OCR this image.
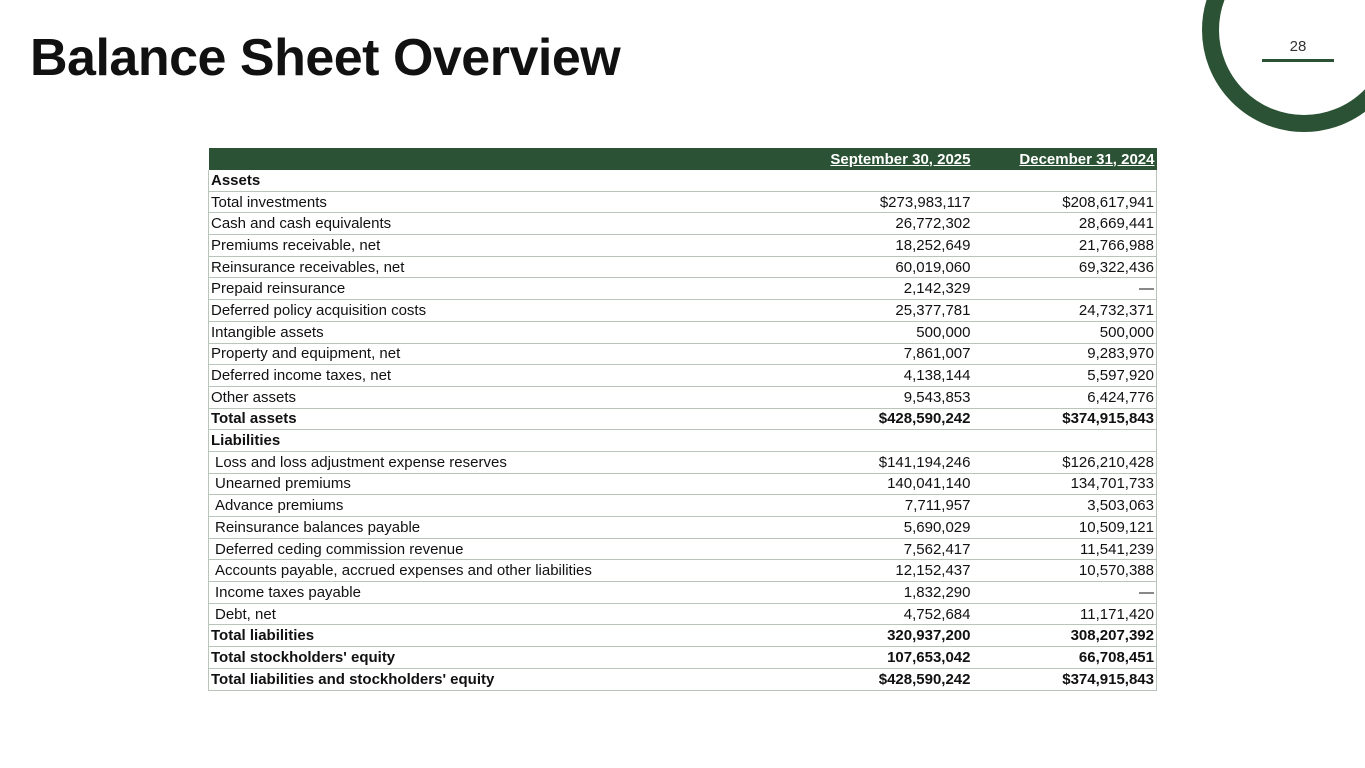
Balance Sheet Overview	28
	September 30, 2025	December 31, 2024
Assets		
Total investments	$273,983,117	$208,617,941
Cash and cash equivalents	26,772,302	28,669,441
Premiums receivable, net	18,252,649	21,766,988
Reinsurance receivables, net	60,019,060	69,322,436
Prepaid reinsurance	2,142,329	—
Deferred policy acquisition costs	25,377,781	24,732,371
Intangible assets	500,000	500,000
Property and equipment, net	7,861,007	9,283,970
Deferred income taxes, net	4,138,144	5,597,920
Other assets	9,543,853	6,424,776
Total assets	$428,590,242	$374,915,843
Liabilities		
Loss and loss adjustment expense reserves	$141,194,246	$126,210,428
Unearned premiums	140,041,140	134,701,733
Advance premiums	7,711,957	3,503,063
Reinsurance balances payable	5,690,029	10,509,121
Deferred ceding commission revenue	7,562,417	11,541,239
Accounts payable, accrued expenses and other liabilities	12,152,437	10,570,388
Income taxes payable	1,832,290	—
Debt, net	4,752,684	11,171,420
Total liabilities	320,937,200	308,207,392
Total stockholders' equity	107,653,042	66,708,451
Total liabilities and stockholders' equity	$428,590,242	$374,915,843
